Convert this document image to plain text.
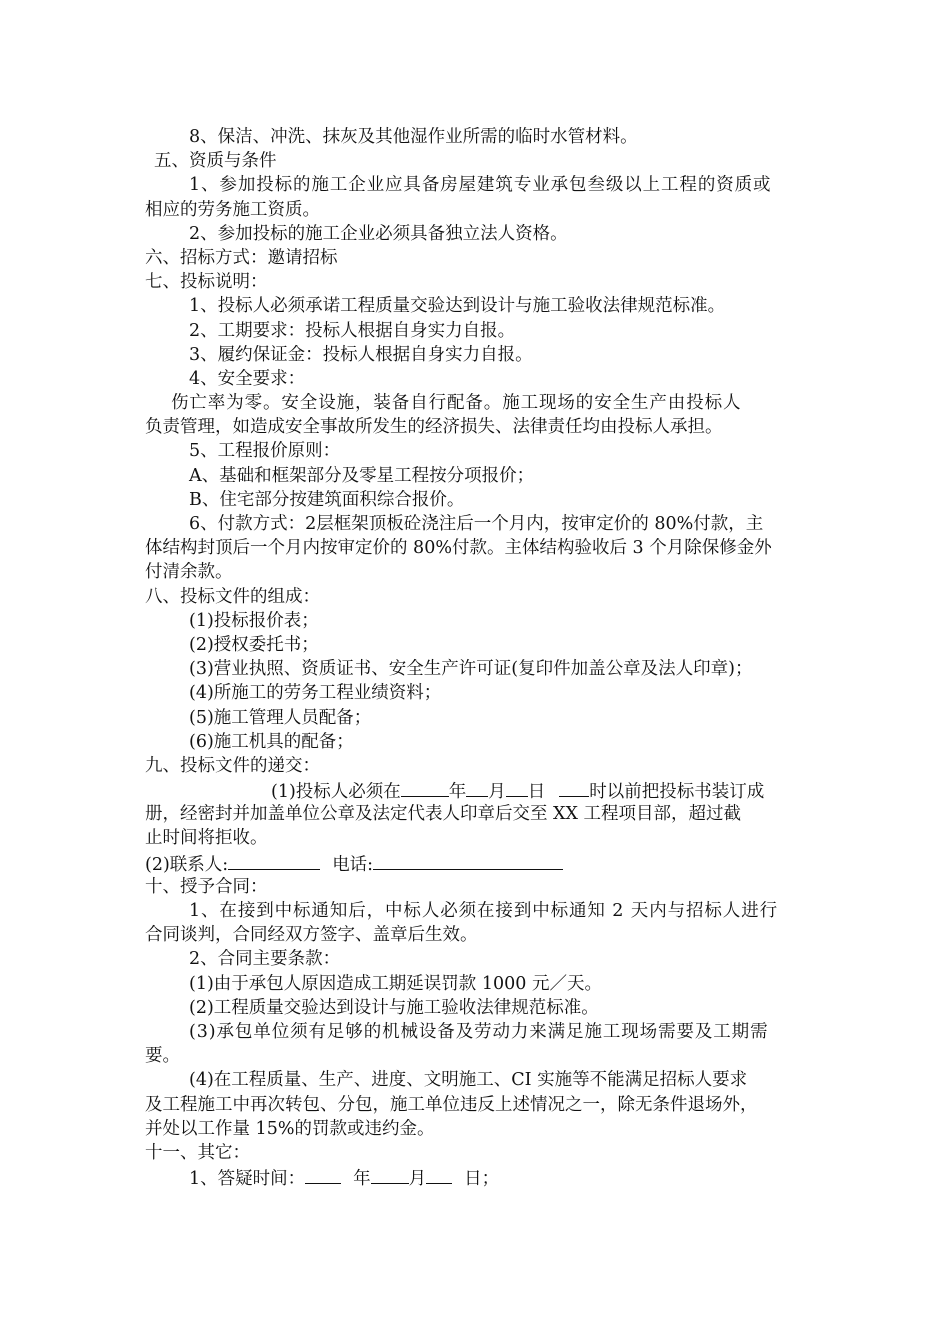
8、保洁、冲洗、抹灰及其他湿作业所需的临时水管材料。
五、资质与条件
1、参加投标的施工企业应具备房屋建筑专业承包叁级以上工程的资质或
相应的劳务施工资质。
2、参加投标的施工企业必须具备独立法人资格。
六、招标方式：邀请招标
七、投标说明：
1、投标人必须承诺工程质量交验达到设计与施工验收法律规范标准。
2、工期要求：投标人根据自身实力自报。
3、履约保证金：投标人根据自身实力自报。
4、安全要求：
伤亡率为零。安全设施，装备自行配备。施工现场的安全生产由投标人
负责管理，如造成安全事故所发生的经济损失、法律责任均由投标人承担。
5、工程报价原则：
A、基础和框架部分及零星工程按分项报价；
B、住宅部分按建筑面积综合报价。
6、付款方式：2层框架顶板砼浇注后一个月内，按审定价的 80%付款，主
体结构封顶后一个月内按审定价的 80%付款。主体结构验收后 3 个月除保修金外
付清余款。
八、投标文件的组成：
(1)投标报价表；
(2)授权委托书；
(3)营业执照、资质证书、安全生产许可证(复印件加盖公章及法人印章)；
(4)所施工的劳务工程业绩资料；
(5)施工管理人员配备；
(6)施工机具的配备；
九、投标文件的递交：
(1)投标人必须在	年 月 日	时以前把投标书装订成
册，经密封并加盖单位公章及法定代表人印章后交至 XX 工程项目部，超过截
止时间将拒收。
(2)联系人:	电话:
十、授予合同：
1、在接到中标通知后，中标人必须在接到中标通知 2 天内与招标人进行
合同谈判，合同经双方签字、盖章后生效。
2、合同主要条款：
(1)由于承包人原因造成工期延误罚款 1000 元／天。
(2)工程质量交验达到设计与施工验收法律规范标准。
(3)承包单位须有足够的机械设备及劳动力来满足施工现场需要及工期需
要。
(4)在工程质量、生产、进度、文明施工、CI 实施等不能满足招标人要求
及工程施工中再次转包、分包，施工单位违反上述情况之一，除无条件退场外，
并处以工作量 15%的罚款或违约金。
十一、其它：
1、答疑时间：	年 月 日；
